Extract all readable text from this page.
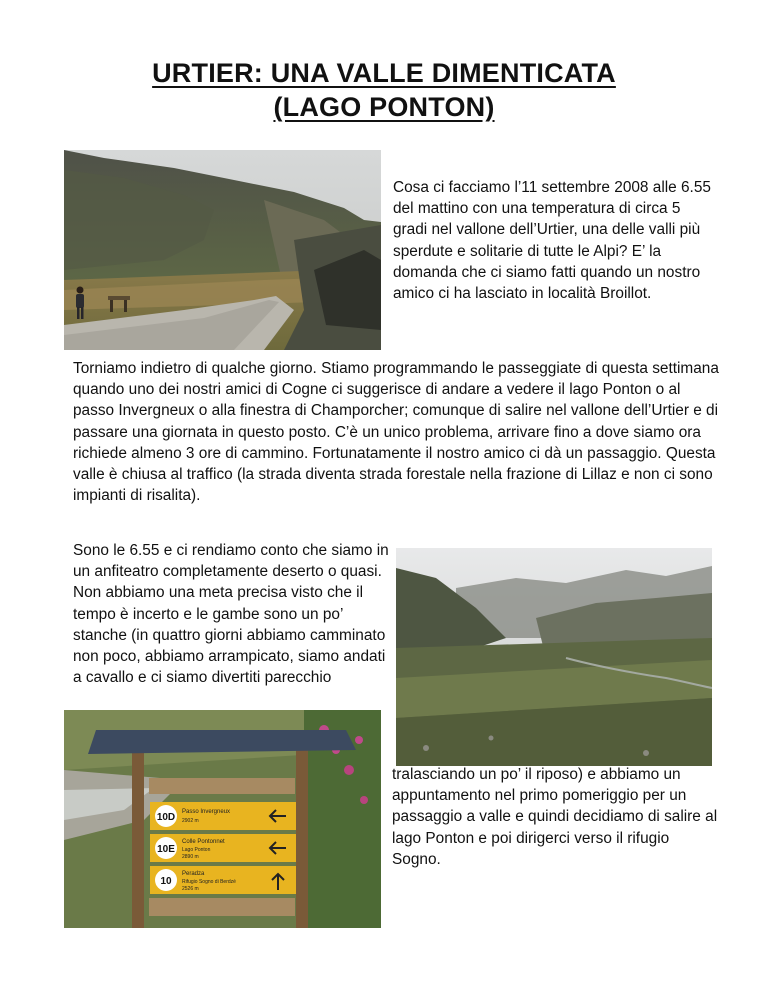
URTIER: UNA VALLE DIMENTICATA
(LAGO PONTON)

Cosa ci facciamo l’11 settembre 2008 alle 6.55 del mattino con una temperatura di circa 5 gradi nel vallone dell’Urtier, una delle valli più sperdute e solitarie di tutte le Alpi? E’ la domanda che ci siamo fatti quando un nostro amico ci ha lasciato in località Broillot.

Torniamo indietro di qualche giorno. Stiamo programmando le passeggiate di questa settimana quando uno dei nostri amici di Cogne ci suggerisce di andare a vedere il lago Ponton o al passo Invergneux o alla finestra di Champorcher; comunque di salire nel vallone dell’Urtier e di passare una giornata in questo posto. C’è un unico problema, arrivare fino a dove siamo ora richiede almeno 3 ore di cammino. Fortunatamente il nostro amico ci dà un passaggio. Questa valle è chiusa al traffico (la strada diventa strada forestale nella frazione di Lillaz e non ci sono impianti di risalita).

Sono le 6.55 e ci rendiamo conto che siamo in un anfiteatro completamente deserto o quasi. Non abbiamo una meta precisa visto che il tempo è incerto e le gambe sono un po’ stanche (in quattro giorni abbiamo camminato non poco, abbiamo arrampicato, siamo andati a cavallo e ci siamo divertiti parecchio

10D Passo Invergneux
2902 m
10E
Colle Pontonnet
Lago Ponton
2890 m
10
Peradza
Rifugio Sogno di Berdzé
2526 m

tralasciando un po’ il riposo) e abbiamo un appuntamento nel primo pomeriggio per un passaggio a valle e quindi decidiamo di salire al lago Ponton e poi dirigerci verso il rifugio Sogno.
